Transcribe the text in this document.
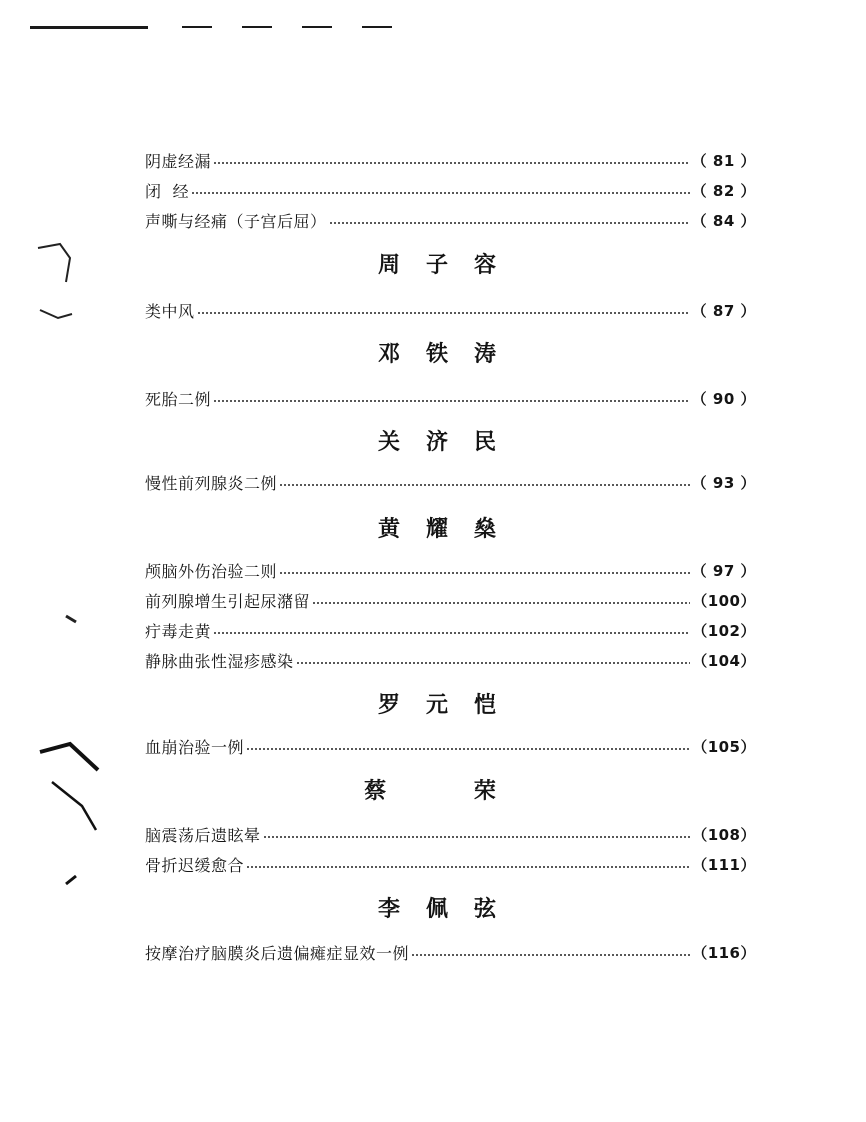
阴虚经漏	（ 81 ）
闭  经	（ 82 ）
声嘶与经痛（子宫后屈）	（ 84 ）
周子容
类中风	（ 87 ）
邓铁涛
死胎二例	（ 90 ）
关济民
慢性前列腺炎二例	（ 93 ）
黄耀燊
颅脑外伤治验二则	（ 97 ）
前列腺增生引起尿潴留	（100）
疔毒走黄	（102）
静脉曲张性湿疹感染	（104）
罗元恺
血崩治验一例	（105）
蔡 荣
脑震荡后遗眩晕	（108）
骨折迟缓愈合	（111）
李佩弦
按摩治疗脑膜炎后遗偏瘫症显效一例	（116）
